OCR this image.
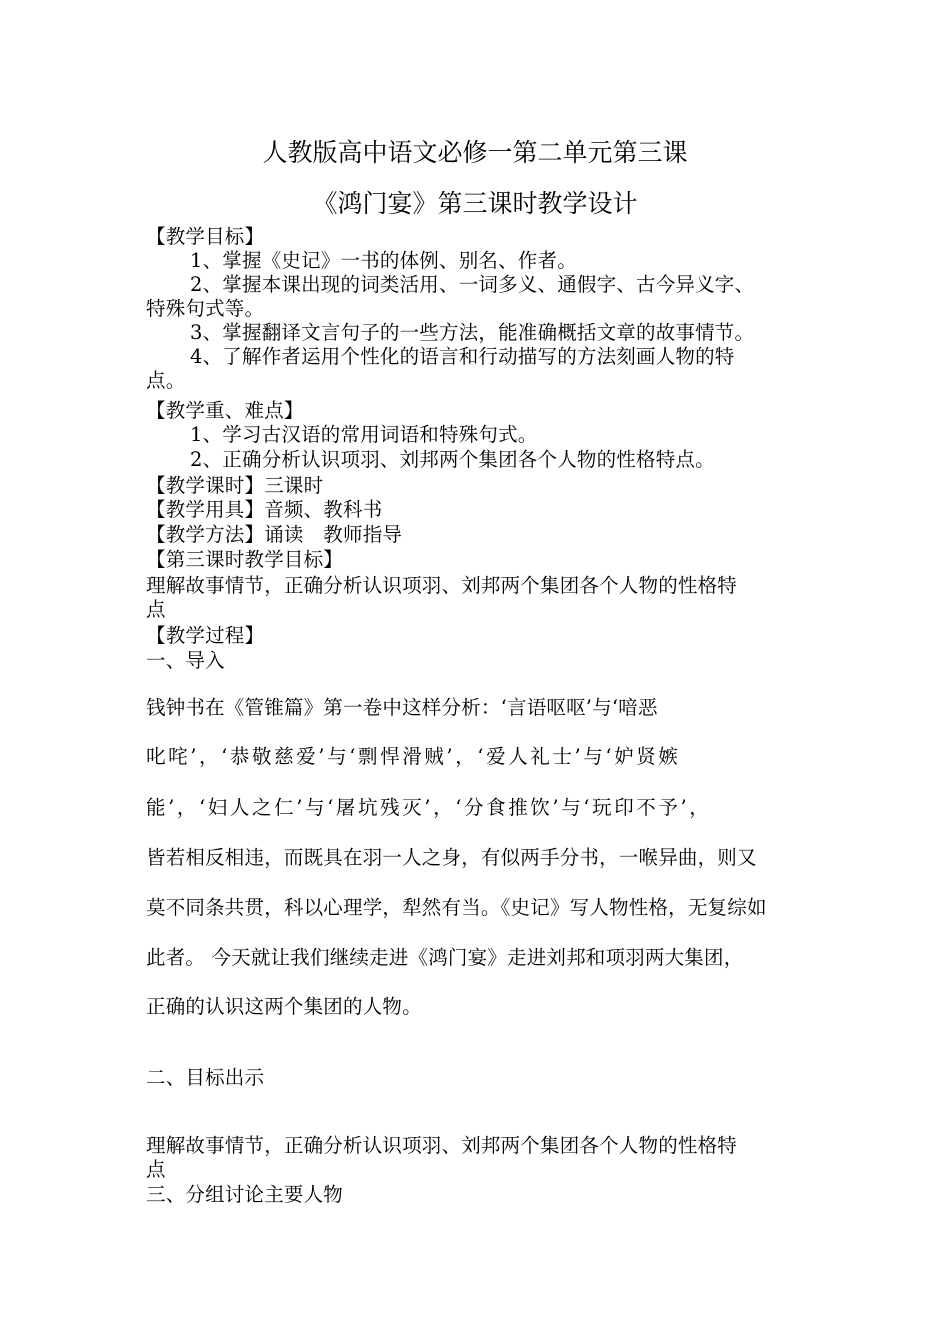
人教版高中语文必修一第二单元第三课
《鸿门宴》第三课时教学设计
【教学目标】
1、掌握《史记》一书的体例、别名、作者。
2、掌握本课出现的词类活用、一词多义、通假字、古今异义字、
特殊句式等。
3、掌握翻译文言句子的一些方法，能准确概括文章的故事情节。
4、了解作者运用个性化的语言和行动描写的方法刻画人物的特
点。
【教学重、难点】
1、学习古汉语的常用词语和特殊句式。
2、正确分析认识项羽、刘邦两个集团各个人物的性格特点。
【教学课时】三课时
【教学用具】音频、教科书
【教学方法】诵读　教师指导
【第三课时教学目标】
理解故事情节，正确分析认识项羽、刘邦两个集团各个人物的性格特
点
【教学过程】
一、导入
钱钟书在《管锥篇》第一卷中这样分析：‘言语呕呕’与‘喑恶
叱咤’，‘恭敬慈爱’与‘剽悍滑贼’，‘爱人礼士’与‘妒贤嫉
能’，‘妇人之仁’与‘屠坑残灭’，‘分食推饮’与‘玩印不予’，
皆若相反相违，而既具在羽一人之身，有似两手分书，一喉异曲，则又
莫不同条共贯，科以心理学，犁然有当。《史记》写人物性格，无复综如
此者。 今天就让我们继续走进《鸿门宴》走进刘邦和项羽两大集团，
正确的认识这两个集团的人物。
二、目标出示
理解故事情节，正确分析认识项羽、刘邦两个集团各个人物的性格特
点
三、分组讨论主要人物
